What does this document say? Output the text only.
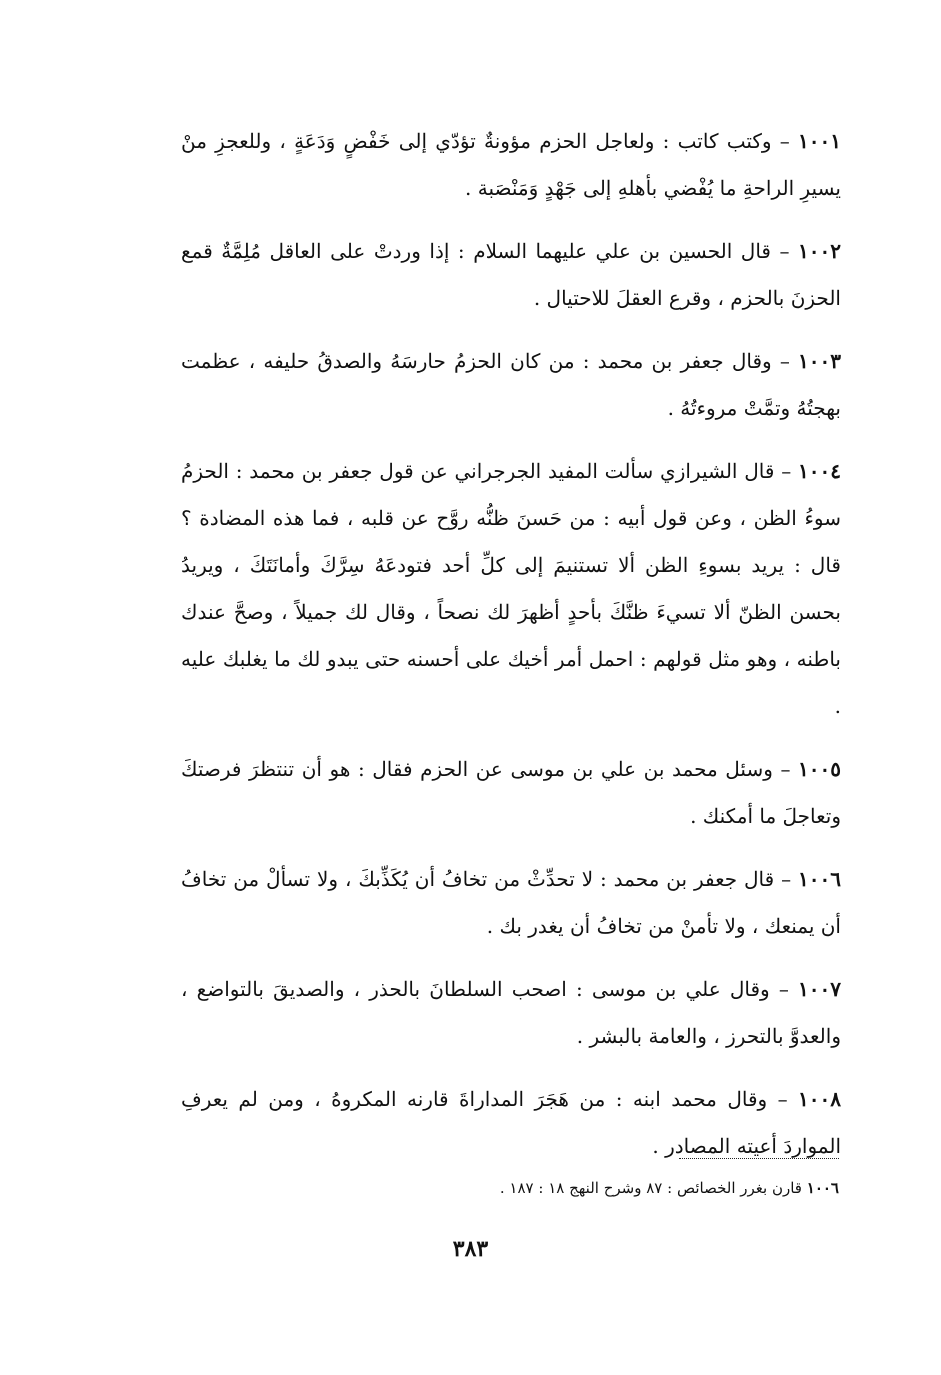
١٠٠١ – وكتب كاتب : ولعاجل الحزم مؤونةٌ تؤدّي إلى خَفْضٍ وَدَعَةٍ ، وللعجزِ منْ يسيرِ الراحةِ ما يُفْضي بأهلهِ إلى جَهْدٍ وَمَنْصَبة .

١٠٠٢ – قال الحسين بن علي عليهما السلام : إذا وردتْ على العاقل مُلِمَّةٌ قمع الحزنَ بالحزم ، وقرع العقلَ للاحتيال .

١٠٠٣ – وقال جعفر بن محمد : من كان الحزمُ حارسَهُ والصدقُ حليفه ، عظمت بهجتُهُ وتمَّتْ مروءتُهُ .

١٠٠٤ – قال الشيرازي سألت المفيد الجرجراني عن قول جعفر بن محمد : الحزمُ سوءُ الظن ، وعن قول أبيه : من حَسنَ ظنُّه روَّح عن قلبه ، فما هذه المضادة ؟ قال : يريد بسوءِ الظن ألا تستنيمَ إلى كلِّ أحد فتودعَهُ سِرَّكَ وأمانَتَكَ ، ويريدُ بحسن الظنّ ألا تسيءَ ظنَّكَ بأحدٍ أظهرَ لك نصحاً ، وقال لك جميلاً ، وصحَّ عندك باطنه ، وهو مثل قولهم : احمل أمر أخيك على أحسنه حتى يبدو لك ما يغلبك عليه .

١٠٠٥ – وسئل محمد بن علي بن موسى عن الحزم فقال : هو أن تنتظرَ فرصتكَ وتعاجلَ ما أمكنك .

١٠٠٦ – قال جعفر بن محمد : لا تحدِّثْ من تخافُ أن يُكَذِّبكَ ، ولا تسألْ من تخافُ أن يمنعك ، ولا تأمنْ من تخافُ أن يغدر بك .

١٠٠٧ – وقال علي بن موسى : اصحب السلطانَ بالحذر ، والصديقَ بالتواضع ، والعدوَّ بالتحرز ، والعامة بالبشر .

١٠٠٨ – وقال محمد ابنه : من هَجَرَ المداراةَ قارنه المكروهُ ، ومن لم يعرفِ المواردَ أعيته المصادر .

١٠٠٦ قارن بغرر الخصائص : ٨٧ وشرح النهج ١٨ : ١٨٧ .
٣٨٣
